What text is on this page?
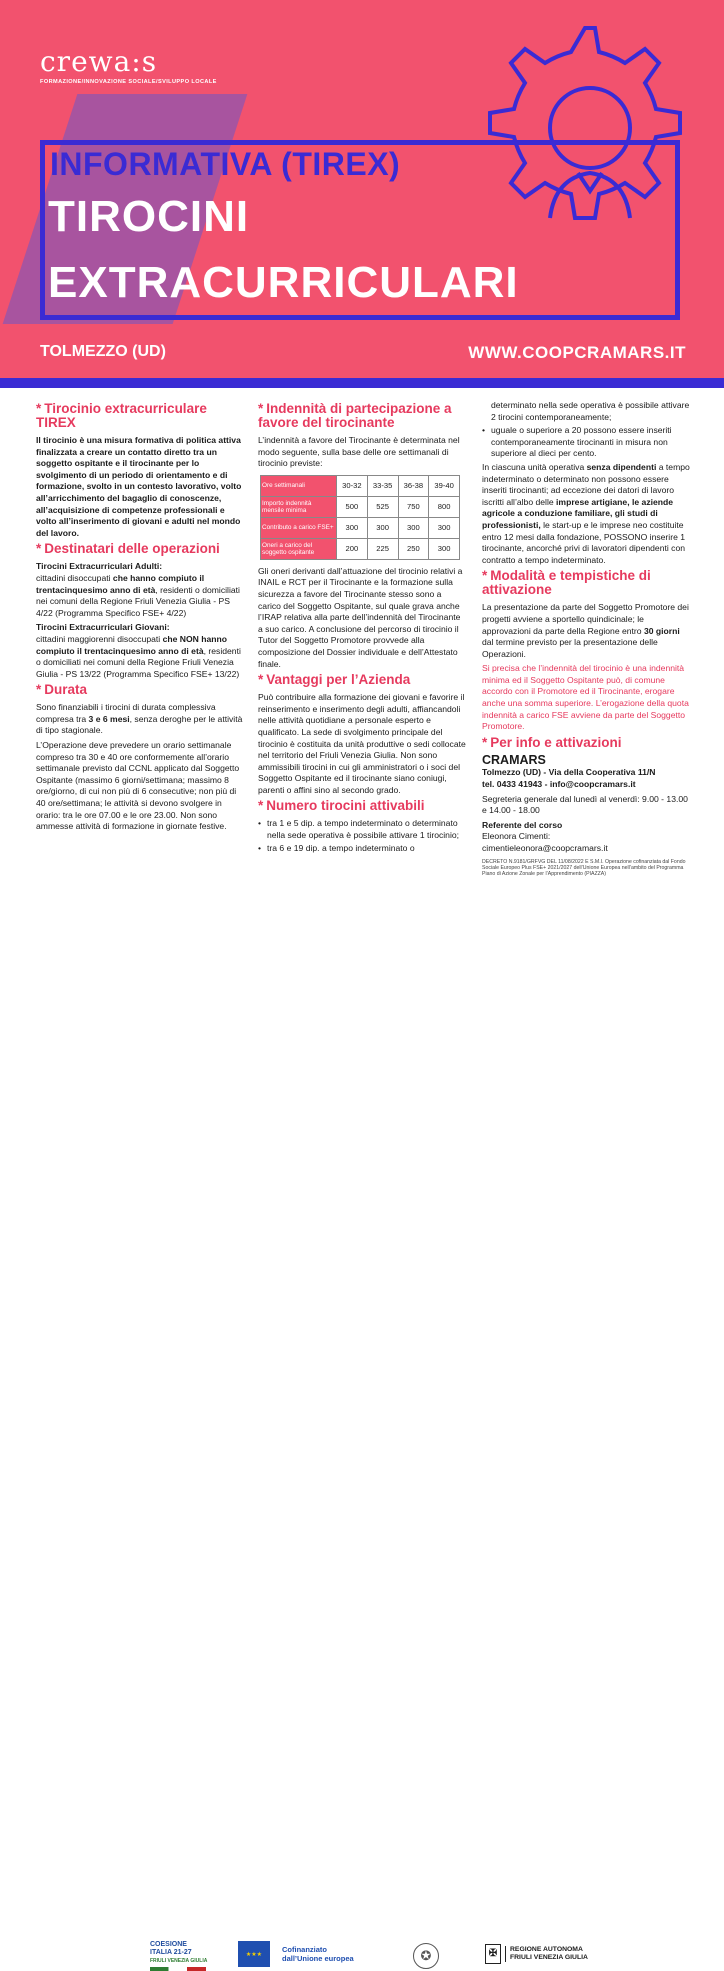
crewa:s
FORMAZIONE/INNOVAZIONE SOCIALE/SVILUPPO LOCALE
INFORMATIVA (TIREX)
TIROCINI
EXTRACURRICULARI
TOLMEZZO (UD)	WWW.COOPCRAMARS.IT
* Tirocinio extracurriculare TIREX

Il tirocinio è una misura formativa di politica attiva finalizzata a creare un contatto diretto tra un soggetto ospitante e il tirocinante per lo svolgimento di un periodo di orientamento e di formazione, svolto in un contesto lavorativo, volto all’arricchimento del bagaglio di conoscenze, all’acquisizione di competenze professionali e volto all’inserimento di giovani e adulti nel mondo del lavoro.

* Destinatari delle operazioni

Tirocini Extracurriculari Adulti:
cittadini disoccupati che hanno compiuto il trentacinquesimo anno di età, residenti o domiciliati nei comuni della Regione Friuli Venezia Giulia - PS 4/22 (Programma Specifico FSE+ 4/22)

Tirocini Extracurriculari Giovani:
cittadini maggiorenni disoccupati che NON hanno compiuto il trentacinquesimo anno di età, residenti o domiciliati nei comuni della Regione Friuli Venezia Giulia - PS 13/22 (Programma Specifico FSE+ 13/22)

* Durata

Sono finanziabili i tirocini di durata complessiva compresa tra 3 e 6 mesi, senza deroghe per le attività di tipo stagionale.

L’Operazione deve prevedere un orario settimanale compreso tra 30 e 40 ore conformemente all’orario settimanale previsto dal CCNL applicato dal Soggetto Ospitante (massimo 6 giorni/settimana; massimo 8 ore/giorno, di cui non più di 6 consecutive; non più di 40 ore/settimana; le attività si devono svolgere in orario: tra le ore 07.00 e le ore 23.00. Non sono ammesse attività di formazione in giornate festive.

* Indennità di partecipazione a favore del tirocinante

L’indennità a favore del Tirocinante è determinata nel modo seguente, sulla base delle ore settimanali di tirocinio previste:

Ore settimanali	30-32	33-35	36-38	39-40
Importo indennità mensile minima	500	525	750	800
Contributo a carico FSE+	300	300	300	300
Oneri a carico del soggetto ospitante	200	225	250	300

Gli oneri derivanti dall’attuazione del tirocinio relativi a INAIL e RCT per il Tirocinante e la formazione sulla sicurezza a favore del Tirocinante stesso sono a carico del Soggetto Ospitante, sul quale grava anche l’IRAP relativa alla parte dell’indennità del Tirocinante a suo carico. A conclusione del percorso di tirocinio il Tutor del Soggetto Promotore provvede alla composizione del Dossier individuale e dell’Attestato finale.

* Vantaggi per l’Azienda

Può contribuire alla formazione dei giovani e favorire il reinserimento e inserimento degli adulti, affiancandoli nelle attività quotidiane a personale esperto e qualificato. La sede di svolgimento principale del tirocinio è costituita da unità produttive o sedi collocate nel territorio del Friuli Venezia Giulia. Non sono ammissibili tirocini in cui gli amministratori o i soci del Soggetto Ospitante ed il tirocinante siano coniugi, parenti o affini sino al secondo grado.

* Numero tirocini attivabili
• tra 1 e 5 dip. a tempo indeterminato o determinato nella sede operativa è possibile attivare 1 tirocinio;
• tra 6 e 19 dip. a tempo indeterminato o

determinato nella sede operativa è possibile attivare 2 tirocini contemporaneamente;

• uguale o superiore a 20 possono essere inseriti contemporaneamente tirocinanti in misura non superiore al dieci per cento.

In ciascuna unità operativa senza dipendenti a tempo indeterminato o determinato non possono essere inseriti tirocinanti; ad eccezione dei datori di lavoro iscritti all’albo delle imprese artigiane, le aziende agricole a conduzione familiare, gli studi di professionisti, le start-up e le imprese neo costituite entro 12 mesi dalla fondazione, POSSONO inserire 1 tirocinante, ancorché privi di lavoratori dipendenti con contratto a tempo indeterminato.

* Modalità e tempistiche di attivazione

La presentazione da parte del Soggetto Promotore dei progetti avviene a sportello quindicinale; le approvazioni da parte della Regione entro 30 giorni dal termine previsto per la presentazione delle Operazioni.

Si precisa che l’indennità del tirocinio è una indennità minima ed il Soggetto Ospitante può, di comune accordo con il Promotore ed il Tirocinante, erogare anche una somma superiore. L’erogazione della quota indennità a carico FSE avviene da parte del Soggetto Promotore.

* Per info e attivazioni
CRAMARS

Tolmezzo (UD) - Via della Cooperativa 11/N

tel. 0433 41943 - info@coopcramars.it

Segreteria generale dal lunedì al venerdì: 9.00 - 13.00 e 14.00 - 18.00

Referente del corso

Eleonora Cimenti:

cimentieleonora@coopcramars.it

DECRETO N.9181/GRFVG DEL 11/08/2022 E S.M.I. Operazione cofinanziata dal Fondo Sociale Europeo Plus FSE+ 2021/2027 dell’Unione Europea nell’ambito del Programma Piano di Azione Zonale per l’Apprendimento (PIAZZA)
COESIONE
ITALIA 21-27
FRIULI VENEZIA GIULIA
★★★
Cofinanziato
dall’Unione europea	✪	✠	REGIONE AUTONOMA
FRIULI VENEZIA GIULIA
